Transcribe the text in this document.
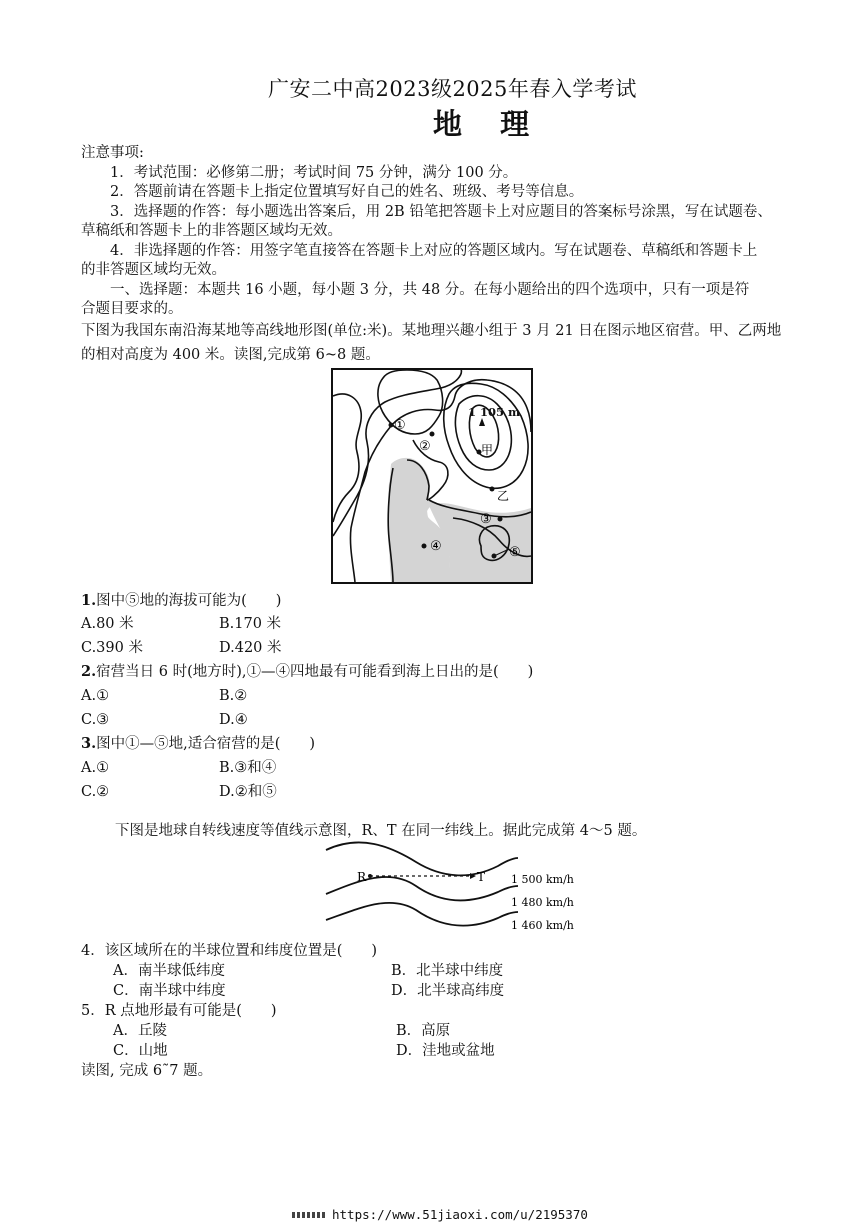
广安二中高2023级2025年春入学考试
地 理
注意事项:
1．考试范围：必修第二册；考试时间 75 分钟，满分 100 分。
2．答题前请在答题卡上指定位置填写好自己的姓名、班级、考号等信息。
3．选择题的作答：每小题选出答案后，用 2B 铅笔把答题卡上对应题目的答案标号涂黑，写在试题卷、
草稿纸和答题卡上的非答题区域均无效。
4．非选择题的作答：用签字笔直接答在答题卡上对应的答题区域内。写在试题卷、草稿纸和答题卡上
的非答题区域均无效。
一、选择题：本题共 16 小题，每小题 3 分，共 48 分。在每小题给出的四个选项中，只有一项是符
合题目要求的。
下图为我国东南沿海某地等高线地形图(单位:米)。某地理兴趣小组于 3 月 21 日在图示地区宿营。甲、乙两地
的相对高度为 400 米。读图,完成第 6~8 题。
1 105 m
①
②	甲
乙
③
④	⑤
1.图中⑤地的海拔可能为(　　)
A.80 米	B.170 米
C.390 米	D.420 米
2.宿营当日 6 时(地方时),①—④四地最有可能看到海上日出的是(　　)
A.①	B.②
C.③	D.④
3.图中①—⑤地,适合宿营的是(　　)
A.①	B.③和④
C.②	D.②和⑤
下图是地球自转线速度等值线示意图，R、T 在同一纬线上。据此完成第 4～5 题。
R	T 1 500 km/h
1 480 km/h
1 460 km/h
4．该区域所在的半球位置和纬度位置是(　　)
A．南半球低纬度	B．北半球中纬度
C．南半球中纬度	D．北半球高纬度
5．R 点地形最有可能是(　　)
A．丘陵	B．高原
C．山地	D．洼地或盆地
读图, 完成 6˜7 题。
https://www.51jiaoxi.com/u/2195370
